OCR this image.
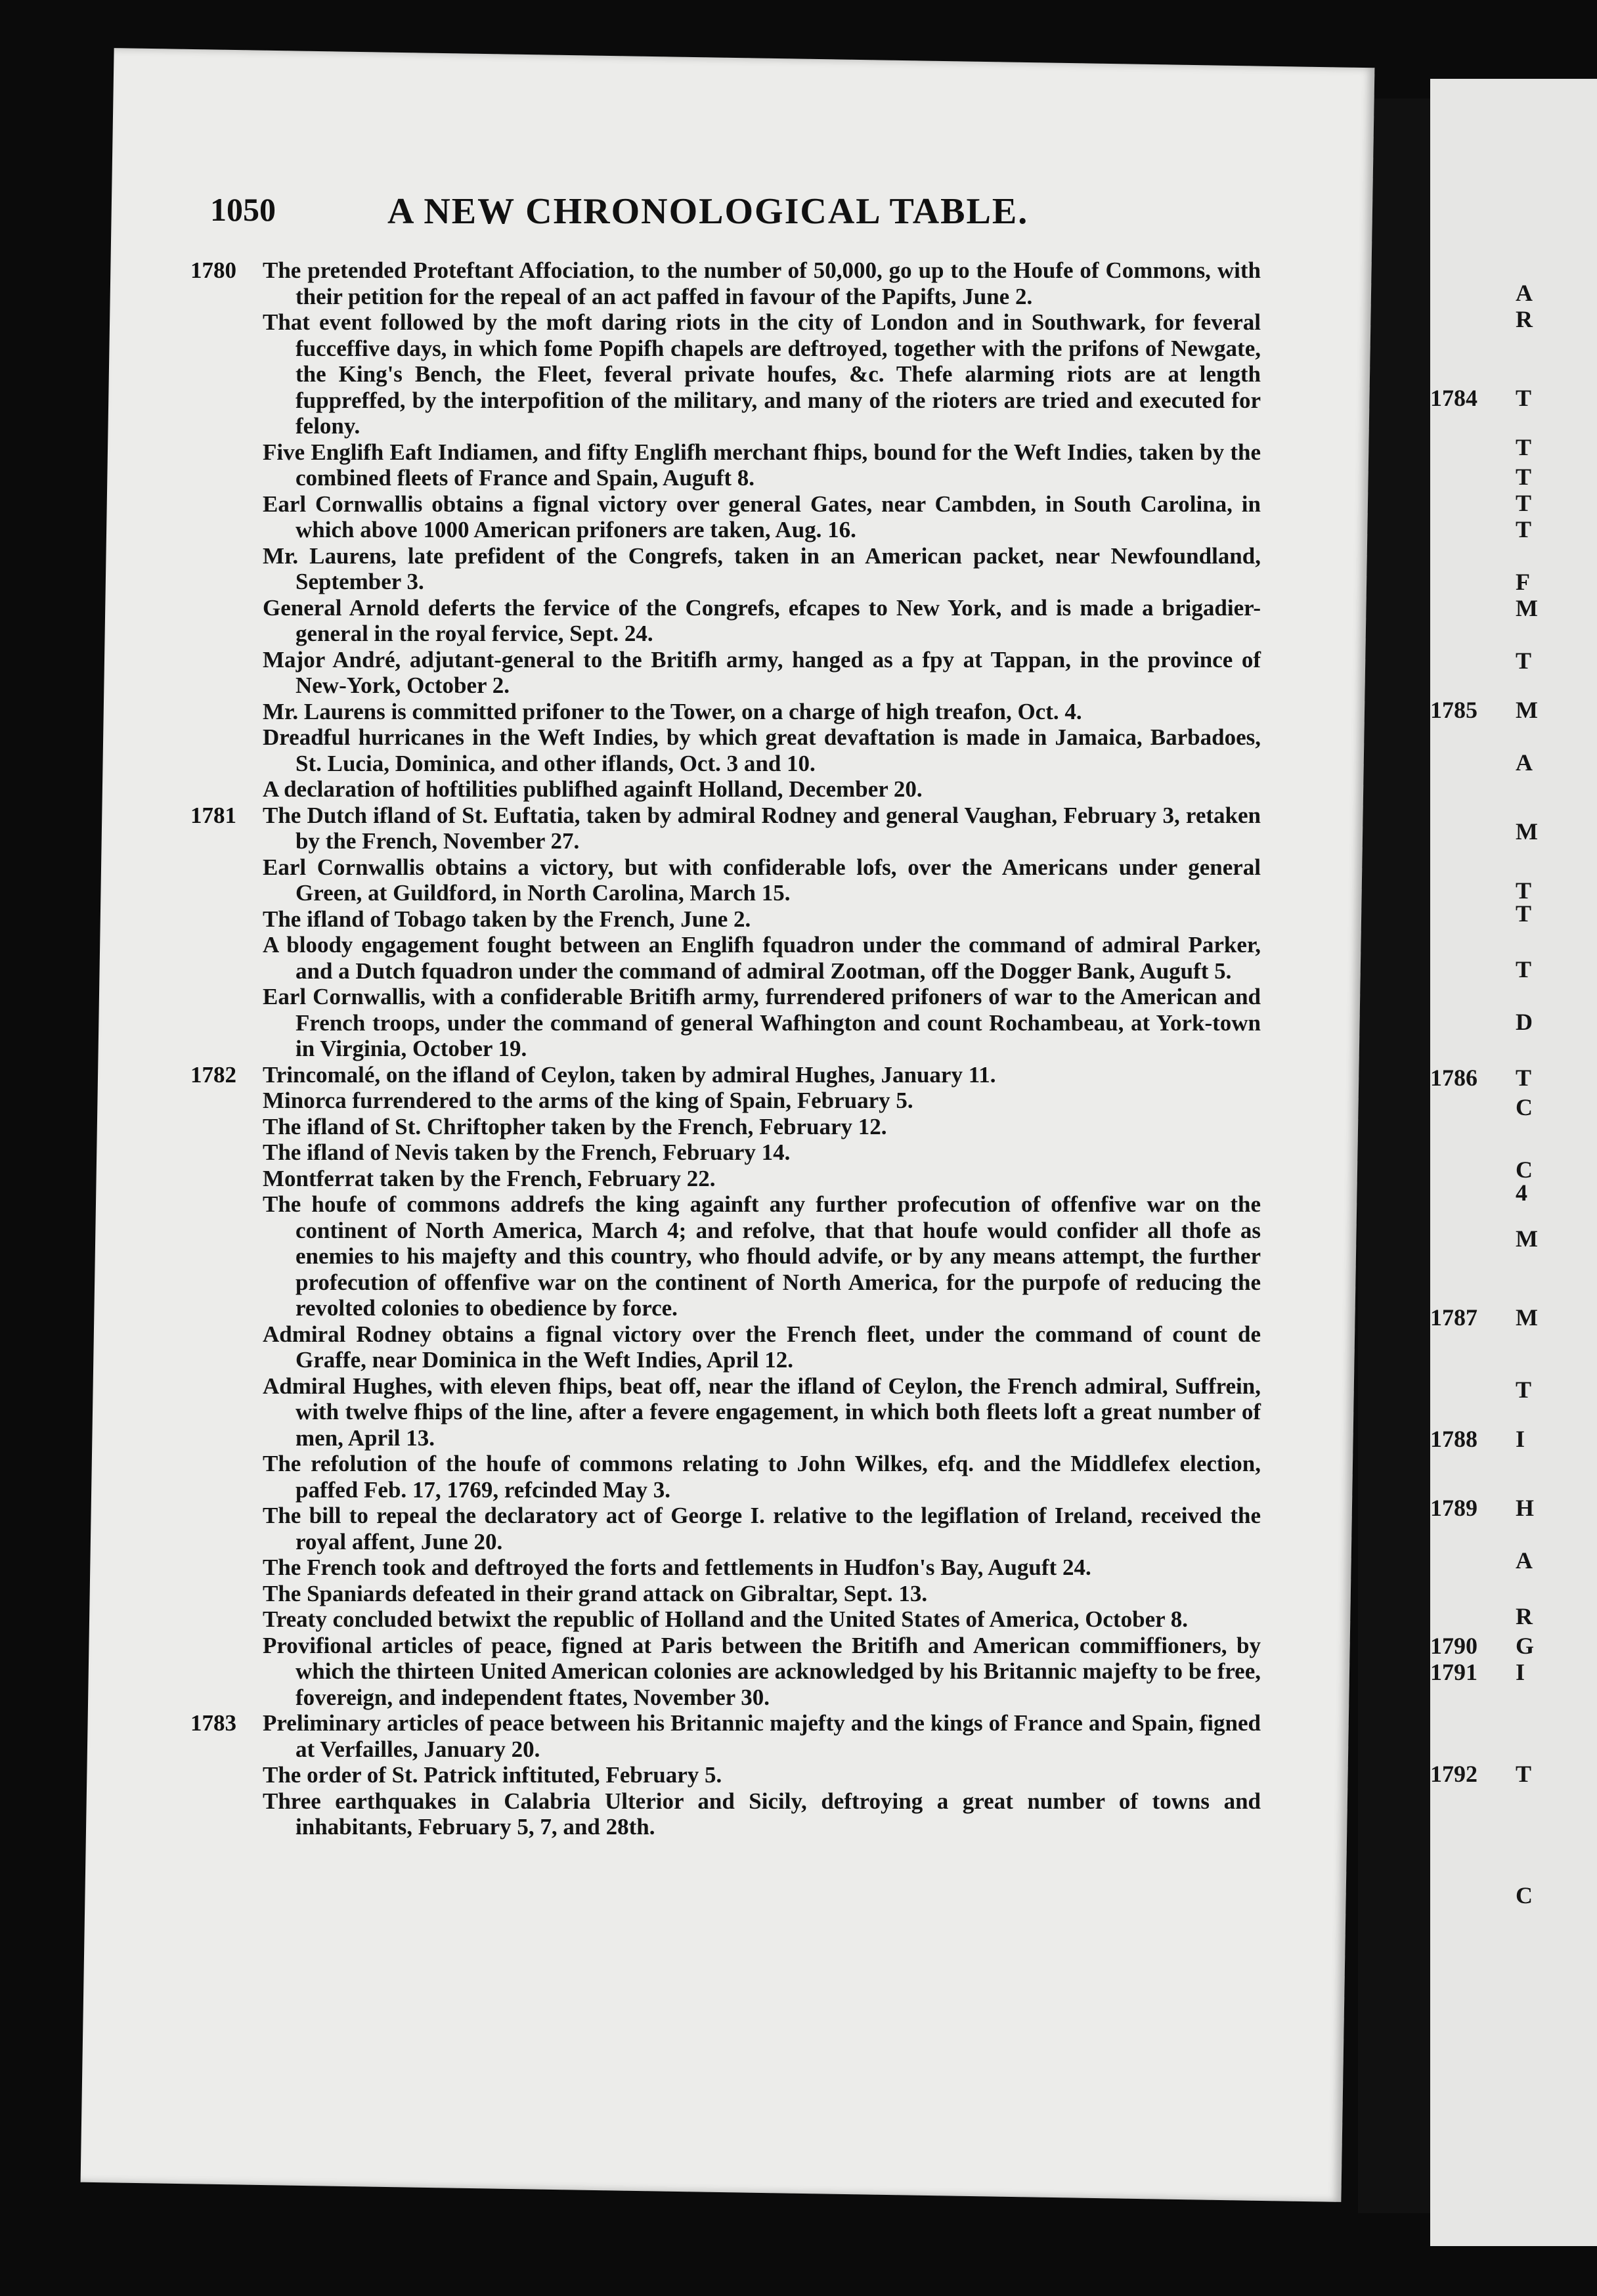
A
R
1784 T
T
T
T
T
F
M
T
1785 M
A
M
T
T
T
D
1786 T
C
C
4
M
1787 M
T
1788 I
1789 H
A
R
1790 G
1791 I
1792 T
C
1050	A NEW CHRONOLOGICAL TABLE.
1780 The pretended Proteftant Affociation, to the number of 50,000, go up to the Houfe of Commons, with their petition for the repeal of an act paffed in favour of the Papifts, June 2.

That event followed by the moft daring riots in the city of London and in Southwark, for feveral fucceffive days, in which fome Popifh chapels are deftroyed, together with the prifons of Newgate, the King's Bench, the Fleet, feveral private houfes, &c. Thefe alarming riots are at length fuppreffed, by the interpofition of the military, and many of the rioters are tried and executed for felony.

Five Englifh Eaft Indiamen, and fifty Englifh merchant fhips, bound for the Weft Indies, taken by the combined fleets of France and Spain, Auguft 8.

Earl Cornwallis obtains a fignal victory over general Gates, near Cambden, in South Carolina, in which above 1000 American prifoners are taken, Aug. 16.

Mr. Laurens, late prefident of the Congrefs, taken in an American packet, near Newfoundland, September 3.

General Arnold deferts the fervice of the Congrefs, efcapes to New York, and is made a brigadier-general in the royal fervice, Sept. 24.

Major André, adjutant-general to the Britifh army, hanged as a fpy at Tappan, in the province of New-York, October 2.

Mr. Laurens is committed prifoner to the Tower, on a charge of high treafon, Oct. 4.

Dreadful hurricanes in the Weft Indies, by which great devaftation is made in Jamaica, Barbadoes, St. Lucia, Dominica, and other iflands, Oct. 3 and 10.

A declaration of hoftilities publifhed againft Holland, December 20.

1781 The Dutch ifland of St. Euftatia, taken by admiral Rodney and general Vaughan, February 3, retaken by the French, November 27.

Earl Cornwallis obtains a victory, but with confiderable lofs, over the Americans under general Green, at Guildford, in North Carolina, March 15.

The ifland of Tobago taken by the French, June 2.

A bloody engagement fought between an Englifh fquadron under the command of admiral Parker, and a Dutch fquadron under the command of admiral Zootman, off the Dogger Bank, Auguft 5.

Earl Cornwallis, with a confiderable Britifh army, furrendered prifoners of war to the American and French troops, under the command of general Wafhington and count Rochambeau, at York-town in Virginia, October 19.

1782 Trincomalé, on the ifland of Ceylon, taken by admiral Hughes, January 11.

Minorca furrendered to the arms of the king of Spain, February 5.

The ifland of St. Chriftopher taken by the French, February 12.

The ifland of Nevis taken by the French, February 14.

Montferrat taken by the French, February 22.

The houfe of commons addrefs the king againft any further profecution of offenfive war on the continent of North America, March 4; and refolve, that that houfe would confider all thofe as enemies to his majefty and this country, who fhould advife, or by any means attempt, the further profecution of offenfive war on the continent of North America, for the purpofe of reducing the revolted colonies to obedience by force.

Admiral Rodney obtains a fignal victory over the French fleet, under the command of count de Graffe, near Dominica in the Weft Indies, April 12.

Admiral Hughes, with eleven fhips, beat off, near the ifland of Ceylon, the French admiral, Suffrein, with twelve fhips of the line, after a fevere engagement, in which both fleets loft a great number of men, April 13.

The refolution of the houfe of commons relating to John Wilkes, efq. and the Middlefex election, paffed Feb. 17, 1769, refcinded May 3.

The bill to repeal the declaratory act of George I. relative to the legiflation of Ireland, received the royal affent, June 20.

The French took and deftroyed the forts and fettlements in Hudfon's Bay, Auguft 24.

The Spaniards defeated in their grand attack on Gibraltar, Sept. 13.

Treaty concluded betwixt the republic of Holland and the United States of America, October 8.

Provifional articles of peace, figned at Paris between the Britifh and American commiffioners, by which the thirteen United American colonies are acknowledged by his Britannic majefty to be free, fovereign, and independent ftates, November 30.

1783 Preliminary articles of peace between his Britannic majefty and the kings of France and Spain, figned at Verfailles, January 20.

The order of St. Patrick inftituted, February 5.

Three earthquakes in Calabria Ulterior and Sicily, deftroying a great number of towns and inhabitants, February 5, 7, and 28th.
